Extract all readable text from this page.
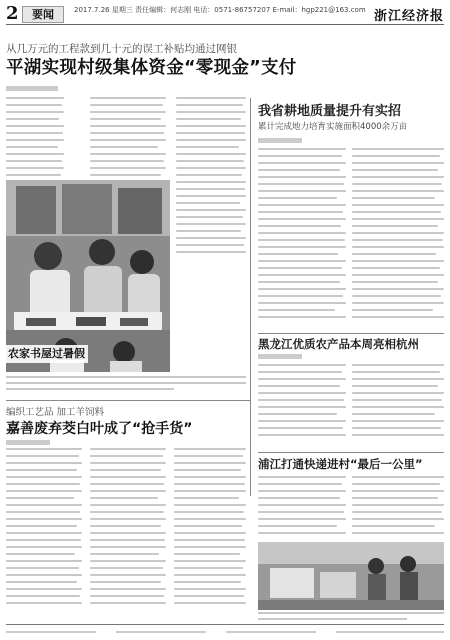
2	要闻	2017.7.26 星期三 责任编辑：何志刚 电话：0571-86757207 E-mail：hgp221@163.com 浙江经济报
从几万元的工程款到几十元的误工补贴均通过网银
平湖实现村级集体资金“零现金”支付
农家书屋过暑假
我省耕地质量提升有实招
累计完成地力培育实施面积4000余万亩
黑龙江优质农产品本周亮相杭州
编织工艺品 加工羊饲料
嘉善废弃茭白叶成了“抢手货”
浦江打通快递进村“最后一公里”
